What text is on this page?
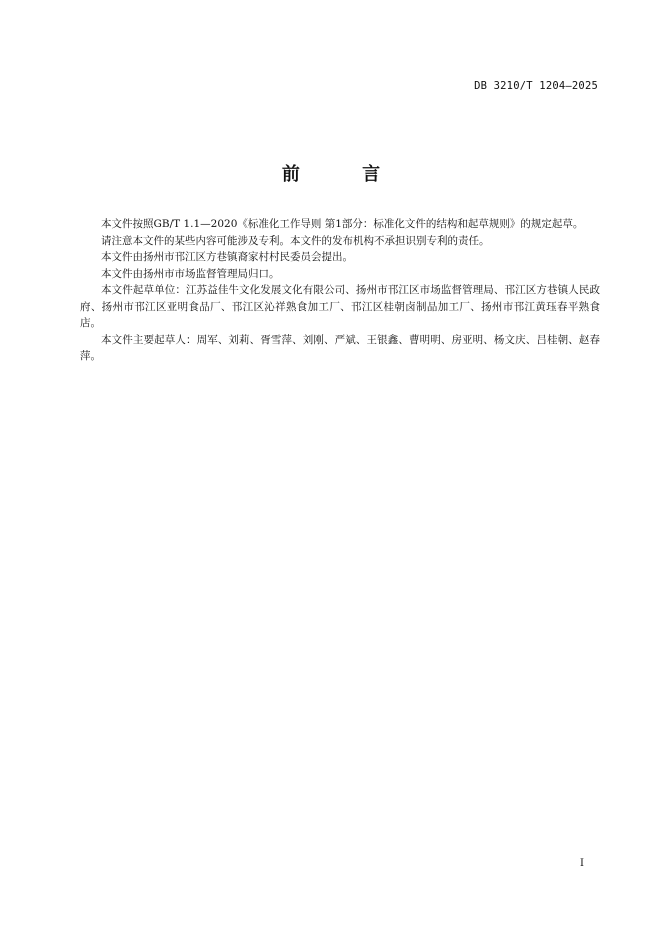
DB 3210/T 1204—2025
前 言

本文件按照GB/T 1.1—2020《标准化工作导则 第1部分：标准化文件的结构和起草规则》的规定起草。

请注意本文件的某些内容可能涉及专利。本文件的发布机构不承担识别专利的责任。

本文件由扬州市邗江区方巷镇裔家村村民委员会提出。

本文件由扬州市市场监督管理局归口。

本文件起草单位：江苏益佳牛文化发展文化有限公司、扬州市邗江区市场监督管理局、邗江区方巷镇人民政府、扬州市邗江区亚明食品厂、邗江区沁祥熟食加工厂、邗江区桂朝卤制品加工厂、扬州市邗江黄珏春平熟食店。

本文件主要起草人：周军、刘莉、胥雪萍、刘刚、严斌、王银鑫、曹明明、房亚明、杨文庆、吕桂朝、赵春萍。

I
